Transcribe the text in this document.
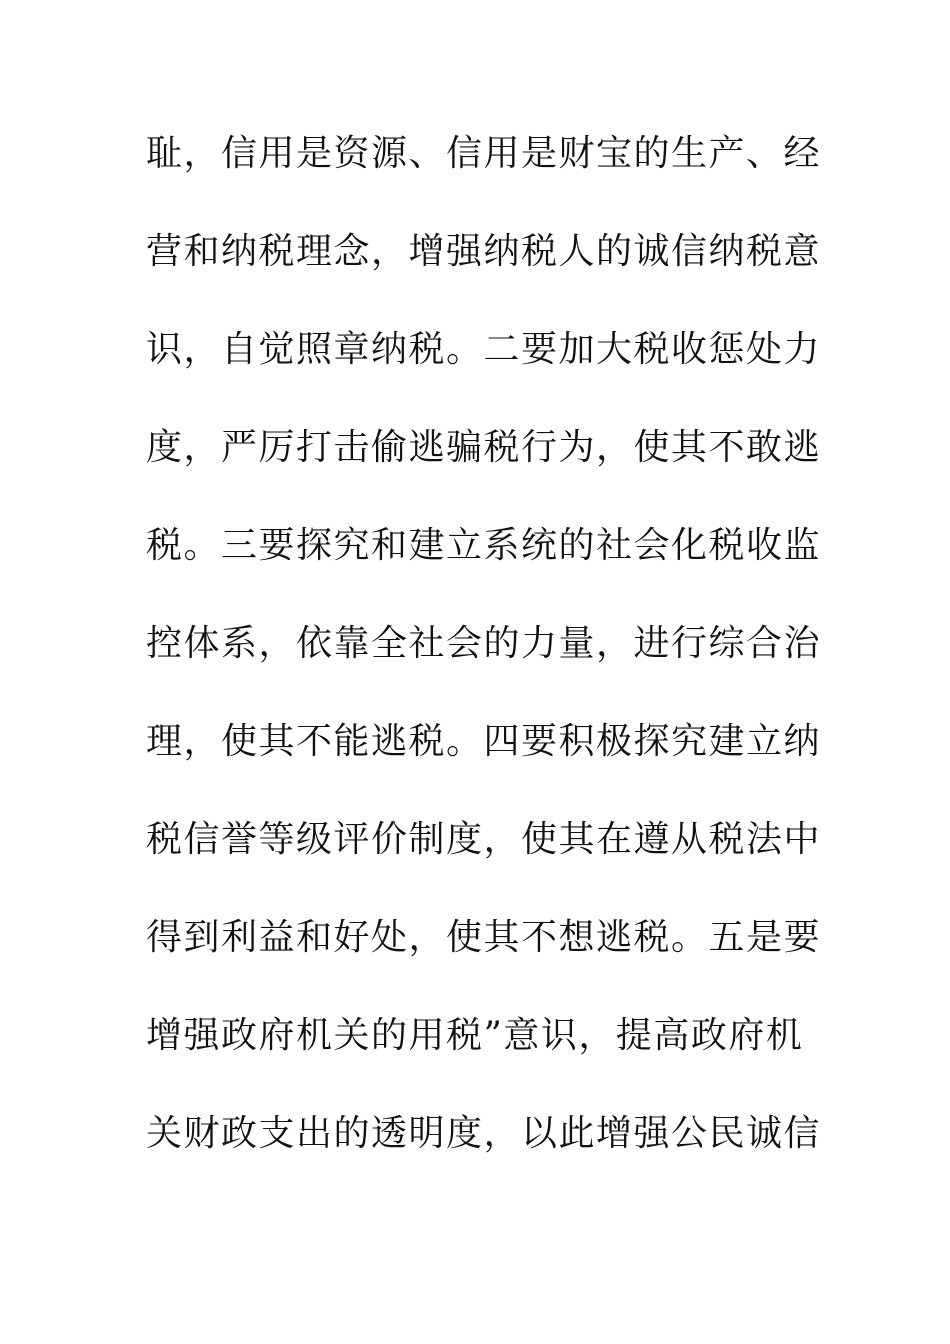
耻，信用是资源、信用是财宝的生产、经
营和纳税理念，增强纳税人的诚信纳税意
识，自觉照章纳税。二要加大税收惩处力
度，严厉打击偷逃骗税行为，使其不敢逃
税。三要探究和建立系统的社会化税收监
控体系，依靠全社会的力量，进行综合治
理，使其不能逃税。四要积极探究建立纳
税信誉等级评价制度，使其在遵从税法中
得到利益和好处，使其不想逃税。五是要
增强政府机关的用税”意识，提高政府机
关财政支出的透明度，以此增强公民诚信
